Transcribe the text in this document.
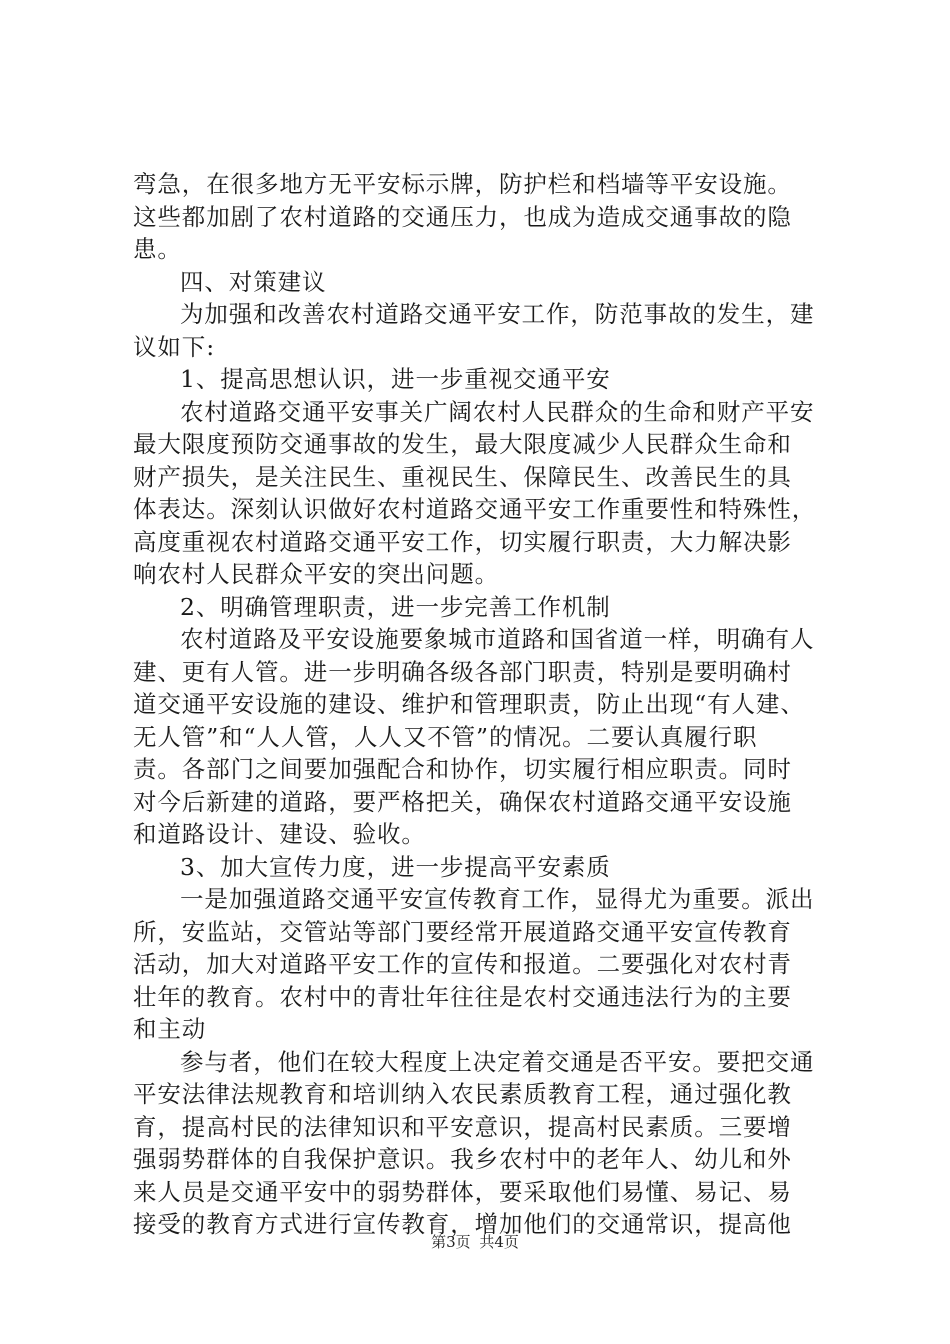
弯急，在很多地方无平安标示牌，防护栏和档墙等平安设施。
这些都加剧了农村道路的交通压力，也成为造成交通事故的隐
患。
四、对策建议
为加强和改善农村道路交通平安工作，防范事故的发生，建
议如下:
1、提高思想认识，进一步重视交通平安
农村道路交通平安事关广阔农村人民群众的生命和财产平安
最大限度预防交通事故的发生，最大限度减少人民群众生命和
财产损失，是关注民生、重视民生、保障民生、改善民生的具
体表达。深刻认识做好农村道路交通平安工作重要性和特殊性，
高度重视农村道路交通平安工作，切实履行职责，大力解决影
响农村人民群众平安的突出问题。
2、明确管理职责，进一步完善工作机制
农村道路及平安设施要象城市道路和国省道一样，明确有人
建、更有人管。进一步明确各级各部门职责，特别是要明确村
道交通平安设施的建设、维护和管理职责，防止出现“有人建、
无人管”和“人人管，人人又不管”的情况。二要认真履行职
责。各部门之间要加强配合和协作，切实履行相应职责。同时
对今后新建的道路，要严格把关，确保农村道路交通平安设施
和道路设计、建设、验收。
3、加大宣传力度，进一步提高平安素质
一是加强道路交通平安宣传教育工作，显得尤为重要。派出
所，安监站，交管站等部门要经常开展道路交通平安宣传教育
活动，加大对道路平安工作的宣传和报道。二要强化对农村青
壮年的教育。农村中的青壮年往往是农村交通违法行为的主要
和主动
参与者，他们在较大程度上决定着交通是否平安。要把交通
平安法律法规教育和培训纳入农民素质教育工程，通过强化教
育，提高村民的法律知识和平安意识，提高村民素质。三要增
强弱势群体的自我保护意识。我乡农村中的老年人、幼儿和外
来人员是交通平安中的弱势群体，要采取他们易懂、易记、易
接受的教育方式进行宣传教育，增加他们的交通常识，提高他
第3页 共4页
